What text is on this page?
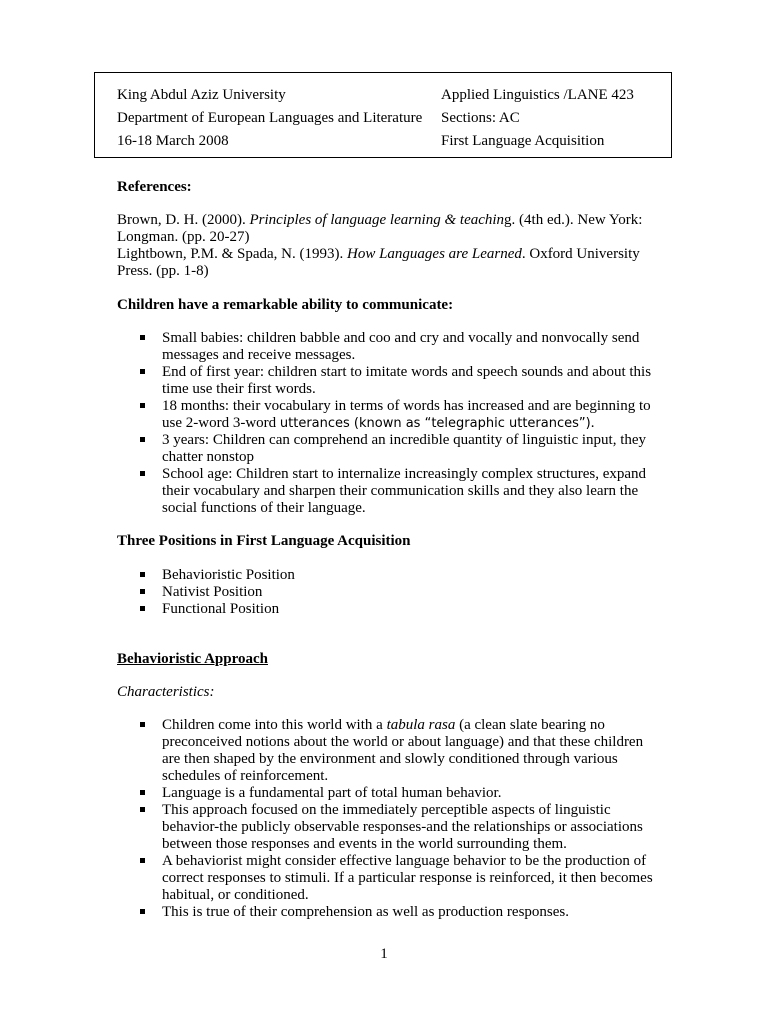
King Abdul Aziz University
Department of European Languages and Literature
16-18 March 2008
Applied Linguistics /LANE 423
Sections: AC
First Language Acquisition
References:

Brown, D. H. (2000). Principles of language learning & teaching. (4th ed.). New York: Longman. (pp. 20-27)

Lightbown, P.M. & Spada, N. (1993). How Languages are Learned. Oxford University Press. (pp. 1-8)

Children have a remarkable ability to communicate:
Small babies: children babble and coo and cry and vocally and nonvocally send messages and receive messages.
End of first year: children start to imitate words and speech sounds and about this time use their first words.
18 months: their vocabulary in terms of words has increased and are beginning to use 2-word 3-word utterances (known as “telegraphic utterances”).
3 years: Children can comprehend an incredible quantity of linguistic input, they chatter nonstop
School age: Children start to internalize increasingly complex structures, expand their vocabulary and sharpen their communication skills and they also learn the social functions of their language.
Three Positions in First Language Acquisition
Behavioristic Position
Nativist Position
Functional Position
Behavioristic Approach
Characteristics:
Children come into this world with a tabula rasa (a clean slate bearing no preconceived notions about the world or about language) and that these children are then shaped by the environment and slowly conditioned through various schedules of reinforcement.
Language is a fundamental part of total human behavior.
This approach focused on the immediately perceptible aspects of linguistic behavior-the publicly observable responses-and the relationships or associations between those responses and events in the world surrounding them.
A behaviorist might consider effective language behavior to be the production of correct responses to stimuli. If a particular response is reinforced, it then becomes habitual, or conditioned.
This is true of their comprehension as well as production responses.
1
